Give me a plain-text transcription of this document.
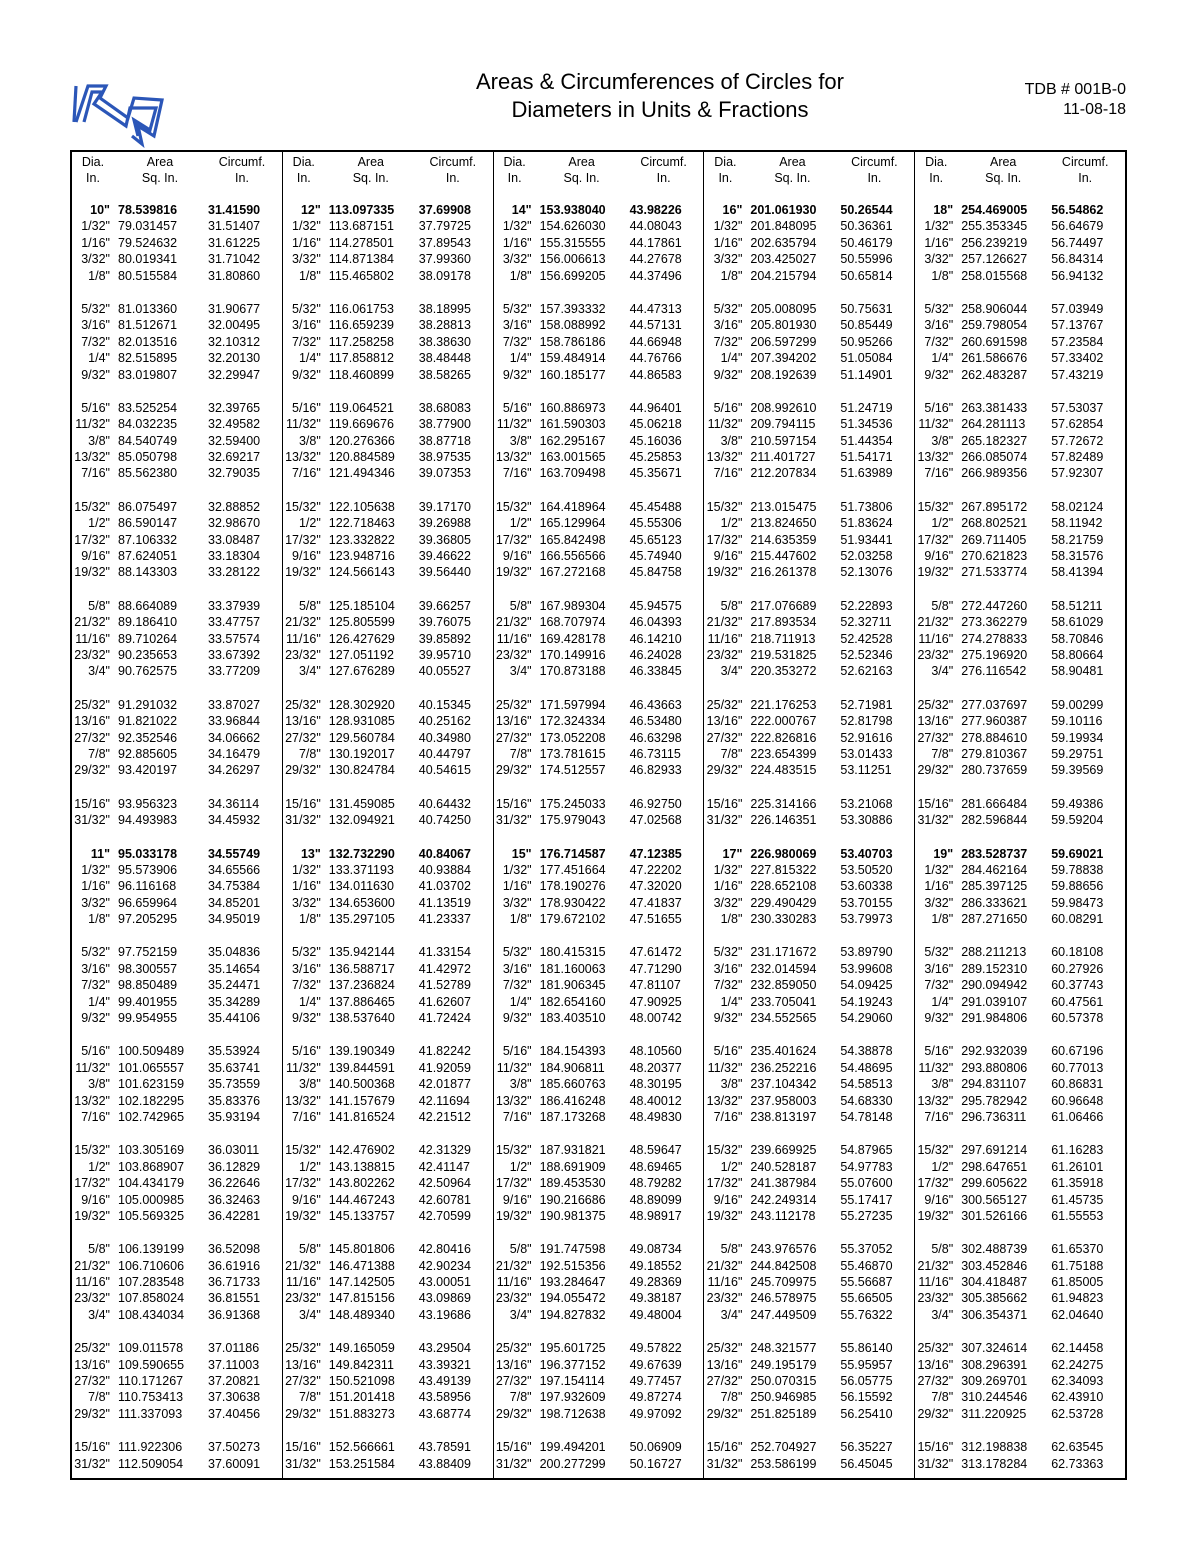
Areas & Circumferences of Circles for
Diameters in Units & Fractions
TDB # 001B-0
11-08-18
Dia.
In.
Area
Sq. In.
Circumf.
In.
10" 78.539816	31.41590
1/32" 79.031457	31.51407
1/16" 79.524632	31.61225
3/32" 80.019341	31.71042
1/8" 80.515584	31.80860
5/32" 81.013360	31.90677
3/16" 81.512671	32.00495
7/32" 82.013516	32.10312
1/4" 82.515895	32.20130
9/32" 83.019807	32.29947
5/16" 83.525254	32.39765
11/32" 84.032235	32.49582
3/8" 84.540749	32.59400
13/32" 85.050798	32.69217
7/16" 85.562380	32.79035
15/32" 86.075497	32.88852
1/2" 86.590147	32.98670
17/32" 87.106332	33.08487
9/16" 87.624051	33.18304
19/32" 88.143303	33.28122
5/8" 88.664089	33.37939
21/32" 89.186410	33.47757
11/16" 89.710264	33.57574
23/32" 90.235653	33.67392
3/4" 90.762575	33.77209
25/32" 91.291032	33.87027
13/16" 91.821022	33.96844
27/32" 92.352546	34.06662
7/8" 92.885605	34.16479
29/32" 93.420197	34.26297
15/16" 93.956323	34.36114
31/32" 94.493983	34.45932
11" 95.033178	34.55749
1/32" 95.573906	34.65566
1/16" 96.116168	34.75384
3/32" 96.659964	34.85201
1/8" 97.205295	34.95019
5/32" 97.752159	35.04836
3/16" 98.300557	35.14654
7/32" 98.850489	35.24471
1/4" 99.401955	35.34289
9/32" 99.954955	35.44106
5/16" 100.509489	35.53924
11/32" 101.065557	35.63741
3/8" 101.623159	35.73559
13/32" 102.182295	35.83376
7/16" 102.742965	35.93194
15/32" 103.305169	36.03011
1/2" 103.868907	36.12829
17/32" 104.434179	36.22646
9/16" 105.000985	36.32463
19/32" 105.569325	36.42281
5/8" 106.139199	36.52098
21/32" 106.710606	36.61916
11/16" 107.283548	36.71733
23/32" 107.858024	36.81551
3/4" 108.434034	36.91368
25/32" 109.011578	37.01186
13/16" 109.590655	37.11003
27/32" 110.171267	37.20821
7/8" 110.753413	37.30638
29/32" 111.337093	37.40456
15/16" 111.922306	37.50273
31/32" 112.509054	37.60091
Dia.
In.
Area
Sq. In.
Circumf.
In.
12" 113.097335	37.69908
1/32" 113.687151	37.79725
1/16" 114.278501	37.89543
3/32" 114.871384	37.99360
1/8" 115.465802	38.09178
5/32" 116.061753	38.18995
3/16" 116.659239	38.28813
7/32" 117.258258	38.38630
1/4" 117.858812	38.48448
9/32" 118.460899	38.58265
5/16" 119.064521	38.68083
11/32" 119.669676	38.77900
3/8" 120.276366	38.87718
13/32" 120.884589	38.97535
7/16" 121.494346	39.07353
15/32" 122.105638	39.17170
1/2" 122.718463	39.26988
17/32" 123.332822	39.36805
9/16" 123.948716	39.46622
19/32" 124.566143	39.56440
5/8" 125.185104	39.66257
21/32" 125.805599	39.76075
11/16" 126.427629	39.85892
23/32" 127.051192	39.95710
3/4" 127.676289	40.05527
25/32" 128.302920	40.15345
13/16" 128.931085	40.25162
27/32" 129.560784	40.34980
7/8" 130.192017	40.44797
29/32" 130.824784	40.54615
15/16" 131.459085	40.64432
31/32" 132.094921	40.74250
13" 132.732290	40.84067
1/32" 133.371193	40.93884
1/16" 134.011630	41.03702
3/32" 134.653600	41.13519
1/8" 135.297105	41.23337
5/32" 135.942144	41.33154
3/16" 136.588717	41.42972
7/32" 137.236824	41.52789
1/4" 137.886465	41.62607
9/32" 138.537640	41.72424
5/16" 139.190349	41.82242
11/32" 139.844591	41.92059
3/8" 140.500368	42.01877
13/32" 141.157679	42.11694
7/16" 141.816524	42.21512
15/32" 142.476902	42.31329
1/2" 143.138815	42.41147
17/32" 143.802262	42.50964
9/16" 144.467243	42.60781
19/32" 145.133757	42.70599
5/8" 145.801806	42.80416
21/32" 146.471388	42.90234
11/16" 147.142505	43.00051
23/32" 147.815156	43.09869
3/4" 148.489340	43.19686
25/32" 149.165059	43.29504
13/16" 149.842311	43.39321
27/32" 150.521098	43.49139
7/8" 151.201418	43.58956
29/32" 151.883273	43.68774
15/16" 152.566661	43.78591
31/32" 153.251584	43.88409
Dia.
In.
Area
Sq. In.
Circumf.
In.
14" 153.938040	43.98226
1/32" 154.626030	44.08043
1/16" 155.315555	44.17861
3/32" 156.006613	44.27678
1/8" 156.699205	44.37496
5/32" 157.393332	44.47313
3/16" 158.088992	44.57131
7/32" 158.786186	44.66948
1/4" 159.484914	44.76766
9/32" 160.185177	44.86583
5/16" 160.886973	44.96401
11/32" 161.590303	45.06218
3/8" 162.295167	45.16036
13/32" 163.001565	45.25853
7/16" 163.709498	45.35671
15/32" 164.418964	45.45488
1/2" 165.129964	45.55306
17/32" 165.842498	45.65123
9/16" 166.556566	45.74940
19/32" 167.272168	45.84758
5/8" 167.989304	45.94575
21/32" 168.707974	46.04393
11/16" 169.428178	46.14210
23/32" 170.149916	46.24028
3/4" 170.873188	46.33845
25/32" 171.597994	46.43663
13/16" 172.324334	46.53480
27/32" 173.052208	46.63298
7/8" 173.781615	46.73115
29/32" 174.512557	46.82933
15/16" 175.245033	46.92750
31/32" 175.979043	47.02568
15" 176.714587	47.12385
1/32" 177.451664	47.22202
1/16" 178.190276	47.32020
3/32" 178.930422	47.41837
1/8" 179.672102	47.51655
5/32" 180.415315	47.61472
3/16" 181.160063	47.71290
7/32" 181.906345	47.81107
1/4" 182.654160	47.90925
9/32" 183.403510	48.00742
5/16" 184.154393	48.10560
11/32" 184.906811	48.20377
3/8" 185.660763	48.30195
13/32" 186.416248	48.40012
7/16" 187.173268	48.49830
15/32" 187.931821	48.59647
1/2" 188.691909	48.69465
17/32" 189.453530	48.79282
9/16" 190.216686	48.89099
19/32" 190.981375	48.98917
5/8" 191.747598	49.08734
21/32" 192.515356	49.18552
11/16" 193.284647	49.28369
23/32" 194.055472	49.38187
3/4" 194.827832	49.48004
25/32" 195.601725	49.57822
13/16" 196.377152	49.67639
27/32" 197.154114	49.77457
7/8" 197.932609	49.87274
29/32" 198.712638	49.97092
15/16" 199.494201	50.06909
31/32" 200.277299	50.16727
Dia.
In.
Area
Sq. In.
Circumf.
In.
16" 201.061930	50.26544
1/32" 201.848095	50.36361
1/16" 202.635794	50.46179
3/32" 203.425027	50.55996
1/8" 204.215794	50.65814
5/32" 205.008095	50.75631
3/16" 205.801930	50.85449
7/32" 206.597299	50.95266
1/4" 207.394202	51.05084
9/32" 208.192639	51.14901
5/16" 208.992610	51.24719
11/32" 209.794115	51.34536
3/8" 210.597154	51.44354
13/32" 211.401727	51.54171
7/16" 212.207834	51.63989
15/32" 213.015475	51.73806
1/2" 213.824650	51.83624
17/32" 214.635359	51.93441
9/16" 215.447602	52.03258
19/32" 216.261378	52.13076
5/8" 217.076689	52.22893
21/32" 217.893534	52.32711
11/16" 218.711913	52.42528
23/32" 219.531825	52.52346
3/4" 220.353272	52.62163
25/32" 221.176253	52.71981
13/16" 222.000767	52.81798
27/32" 222.826816	52.91616
7/8" 223.654399	53.01433
29/32" 224.483515	53.11251
15/16" 225.314166	53.21068
31/32" 226.146351	53.30886
17" 226.980069	53.40703
1/32" 227.815322	53.50520
1/16" 228.652108	53.60338
3/32" 229.490429	53.70155
1/8" 230.330283	53.79973
5/32" 231.171672	53.89790
3/16" 232.014594	53.99608
7/32" 232.859050	54.09425
1/4" 233.705041	54.19243
9/32" 234.552565	54.29060
5/16" 235.401624	54.38878
11/32" 236.252216	54.48695
3/8" 237.104342	54.58513
13/32" 237.958003	54.68330
7/16" 238.813197	54.78148
15/32" 239.669925	54.87965
1/2" 240.528187	54.97783
17/32" 241.387984	55.07600
9/16" 242.249314	55.17417
19/32" 243.112178	55.27235
5/8" 243.976576	55.37052
21/32" 244.842508	55.46870
11/16" 245.709975	55.56687
23/32" 246.578975	55.66505
3/4" 247.449509	55.76322
25/32" 248.321577	55.86140
13/16" 249.195179	55.95957
27/32" 250.070315	56.05775
7/8" 250.946985	56.15592
29/32" 251.825189	56.25410
15/16" 252.704927	56.35227
31/32" 253.586199	56.45045
Dia.
In.
Area
Sq. In.
Circumf.
In.
18" 254.469005	56.54862
1/32" 255.353345	56.64679
1/16" 256.239219	56.74497
3/32" 257.126627	56.84314
1/8" 258.015568	56.94132
5/32" 258.906044	57.03949
3/16" 259.798054	57.13767
7/32" 260.691598	57.23584
1/4" 261.586676	57.33402
9/32" 262.483287	57.43219
5/16" 263.381433	57.53037
11/32" 264.281113	57.62854
3/8" 265.182327	57.72672
13/32" 266.085074	57.82489
7/16" 266.989356	57.92307
15/32" 267.895172	58.02124
1/2" 268.802521	58.11942
17/32" 269.711405	58.21759
9/16" 270.621823	58.31576
19/32" 271.533774	58.41394
5/8" 272.447260	58.51211
21/32" 273.362279	58.61029
11/16" 274.278833	58.70846
23/32" 275.196920	58.80664
3/4" 276.116542	58.90481
25/32" 277.037697	59.00299
13/16" 277.960387	59.10116
27/32" 278.884610	59.19934
7/8" 279.810367	59.29751
29/32" 280.737659	59.39569
15/16" 281.666484	59.49386
31/32" 282.596844	59.59204
19" 283.528737	59.69021
1/32" 284.462164	59.78838
1/16" 285.397125	59.88656
3/32" 286.333621	59.98473
1/8" 287.271650	60.08291
5/32" 288.211213	60.18108
3/16" 289.152310	60.27926
7/32" 290.094942	60.37743
1/4" 291.039107	60.47561
9/32" 291.984806	60.57378
5/16" 292.932039	60.67196
11/32" 293.880806	60.77013
3/8" 294.831107	60.86831
13/32" 295.782942	60.96648
7/16" 296.736311	61.06466
15/32" 297.691214	61.16283
1/2" 298.647651	61.26101
17/32" 299.605622	61.35918
9/16" 300.565127	61.45735
19/32" 301.526166	61.55553
5/8" 302.488739	61.65370
21/32" 303.452846	61.75188
11/16" 304.418487	61.85005
23/32" 305.385662	61.94823
3/4" 306.354371	62.04640
25/32" 307.324614	62.14458
13/16" 308.296391	62.24275
27/32" 309.269701	62.34093
7/8" 310.244546	62.43910
29/32" 311.220925	62.53728
15/16" 312.198838	62.63545
31/32" 313.178284	62.73363
